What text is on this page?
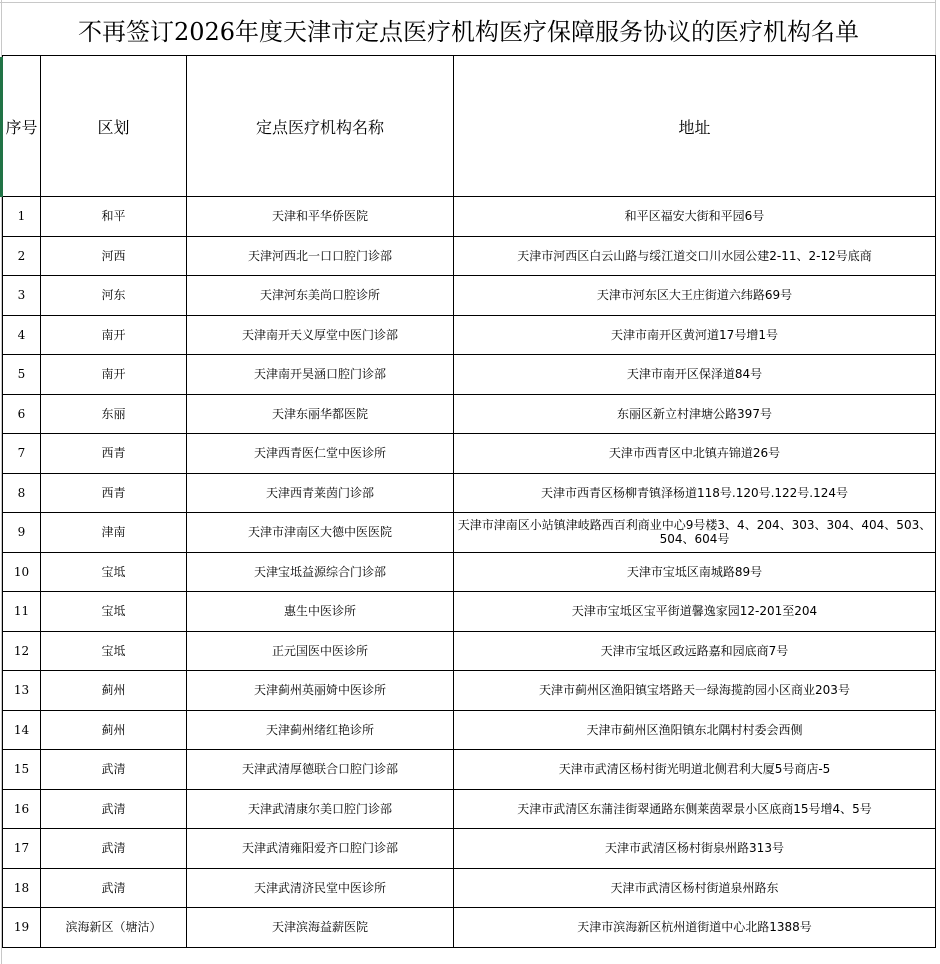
不再签订2026年度天津市定点医疗机构医疗保障服务协议的医疗机构名单
序号	区划	定点医疗机构名称	地址
1	和平	天津和平华侨医院	和平区福安大街和平园6号
2	河西	天津河西北一口口腔门诊部	天津市河西区白云山路与绥江道交口川水园公建2-11、2-12号底商
3	河东	天津河东美尚口腔诊所	天津市河东区大王庄街道六纬路69号
4	南开	天津南开天义厚堂中医门诊部	天津市南开区黄河道17号增1号
5	南开	天津南开昊涵口腔门诊部	天津市南开区保泽道84号
6	东丽	天津东丽华都医院	东丽区新立村津塘公路397号
7	西青	天津西青医仁堂中医诊所	天津市西青区中北镇卉锦道26号
8	西青	天津西青莱茵门诊部	天津市西青区杨柳青镇泽杨道118号.120号.122号.124号
9	津南	天津市津南区大德中医医院	天津市津南区小站镇津岐路西百利商业中心9号楼3、4、204、303、304、404、503、504、604号
10	宝坻	天津宝坻益源综合门诊部	天津市宝坻区南城路89号
11	宝坻	惠生中医诊所	天津市宝坻区宝平街道馨逸家园12-201至204
12	宝坻	正元国医中医诊所	天津市宝坻区政远路嘉和园底商7号
13	蓟州	天津蓟州英丽婍中医诊所	天津市蓟州区渔阳镇宝塔路天一绿海揽韵园小区商业203号
14	蓟州	天津蓟州绪红艳诊所	天津市蓟州区渔阳镇东北隅村村委会西侧
15	武清	天津武清厚德联合口腔门诊部	天津市武清区杨村街光明道北侧君利大厦5号商店-5
16	武清	天津武清康尔美口腔门诊部	天津市武清区东蒲洼街翠通路东侧莱茵翠景小区底商15号增4、5号
17	武清	天津武清雍阳爱齐口腔门诊部	天津市武清区杨村街泉州路313号
18	武清	天津武清济民堂中医诊所	天津市武清区杨村街道泉州路东
19	滨海新区（塘沽）	天津滨海益薪医院	天津市滨海新区杭州道街道中心北路1388号
